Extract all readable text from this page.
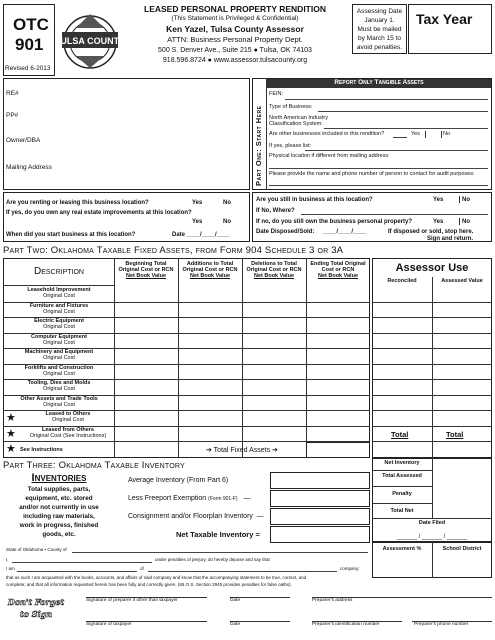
OTC
901
Revised 6-2013
TULSA COUNTY
LEASED PERSONAL PROPERTY RENDITION
(This Statement is Privileged & Confidential)
Ken Yazel, Tulsa County Assessor
ATTN: Business Personal Property Dept.
500 S. Denver Ave., Suite 215 ● Tulsa, OK 74103
918.596.8724 ● www.assessor.tulsacounty.org
Assessing Date
January 1.
Must be mailed
by March 15 to
avoid penalties.
Tax Year
RE#
PP#
Owner/DBA
Mailing Address	Part One: Start Here
Report Only Tangible Assets
FEIN:
Type of Business:
North American Industry
Classification System:
Are other businesses included in this rendition?	Yes	No
If yes, please list:
Physical location if different from mailing address:
Please provide the name and phone number of person to contact for audit purposes:
Are you renting or leasing this business location?	Yes	No
If yes, do you own any real estate improvements at this location?
Yes	No
When did you start business at this location?	Date ____/____/____
Are you still in business at this location?	Yes	No
If No, Where?
If no, do you still own the business personal property?	Yes	No
Date Disposed/Sold: ____/____/____	If disposed or sold, stop here.
Sign and return.
Part Two: Oklahoma Taxable Fixed Assets, from Form 904 Schedule 3 or 3A
Description
Beginning Total
Original Cost or RCN
Net Book Value
Additions to Total
Original Cost or RCN
Net Book Value
Deletions to Total
Original Cost or RCN
Net Book Value
Ending Total Original
Cost or RCN
Net Book Value
Assessor Use
Reconciled	Assessed Value
Leasehold Improvement
Original Cost
Furniture and Fixtures
Original Cost
Electric Equipment
Original Cost
Computer Equipment
Original Cost
Machinery and Equipment
Original Cost
Forklifts and Construction
Original Cost
Tooling, Dies and Molds
Original Cost
Other Assets and Trade Tools
Original Cost
★	Leased to Others
Original Cost
★	Leased from Others
Original Cost (See Instructions)
★ See Instructions	➔ Total Fixed Assets ➔
Total	Total
Part Three: Oklahoma Taxable Inventory
Inventories
Total supplies, parts,
equipment, etc. stored
and/or not currently in use
including raw materials,
work in progress, finished
goods, etc.
Average Inventory (From Part 6)
Less Freeport Exemption (Form 901-F)   —
Consignment and/or Floorplan Inventory  —
Net Taxable Inventory =
Net Inventory
Total Assessed
Penalty
Total Net
Date Filed
______ / ______ / ______
Assessment %	School District
State of Oklahoma • County of
I,	under penalties of perjury, do hereby depose and say that
I am	of	company;
that as such I am acquainted with the books, accounts, and affairs of said company and know that the accompanying statement to be true, correct, and
complete; and that all information requested herein has been fully and correctly given. (68 O.S. Section 2945 provides penalties for false oaths)
Don't Forget
to Sign
Signature of preparer if other than taxpayer	Date	Preparer's address
Signature of taxpayer	Date	Preparer's identification number	Preparer's phone number
